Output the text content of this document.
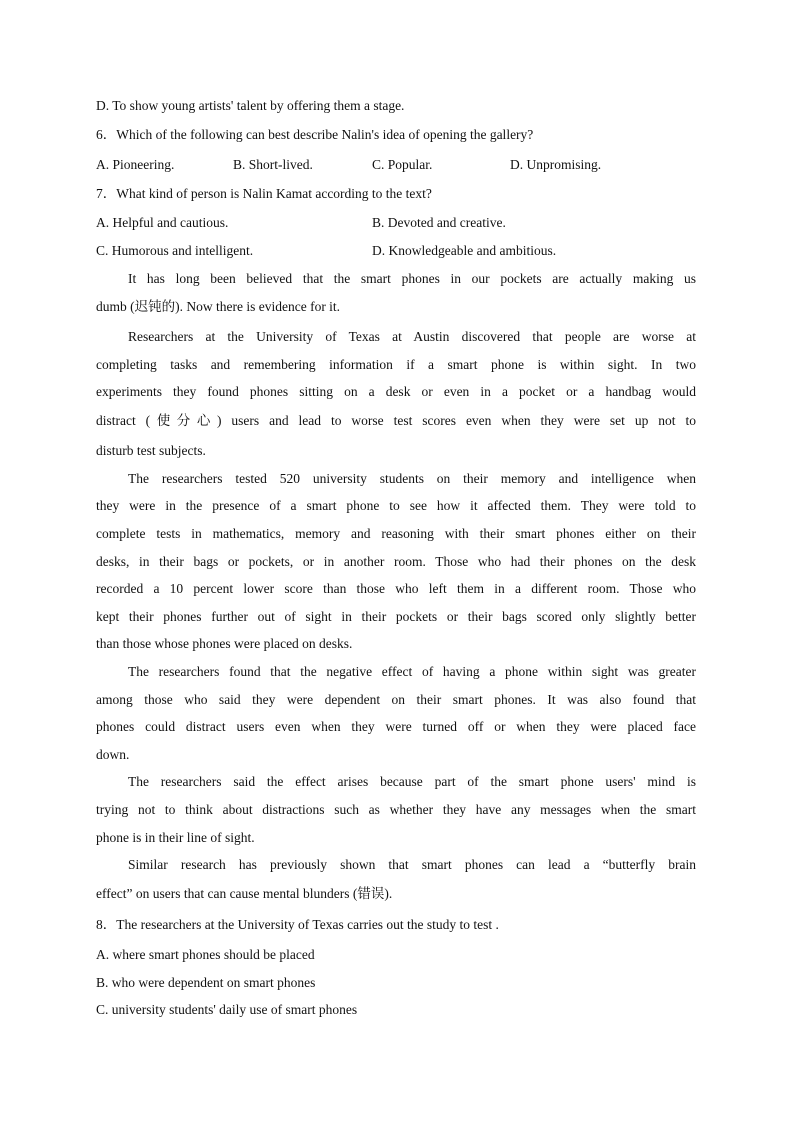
D. To show young artists' talent by offering them a stage.
6．Which of the following can best describe Nalin's idea of opening the gallery?
A. Pioneering.	B. Short-lived.	C. Popular.	D. Unpromising.
7．What kind of person is Nalin Kamat according to the text?
A. Helpful and cautious.	B. Devoted and creative.
C. Humorous and intelligent.	D. Knowledgeable and ambitious.
It has long been believed that the smart phones in our pockets are actually making us
dumb (迟钝的). Now there is evidence for it.
Researchers at the University of Texas at Austin discovered that people are worse at
completing tasks and remembering information if a smart phone is within sight. In two
experiments they found phones sitting on a desk or even in a pocket or a handbag would
distract (使分心) users and lead to worse test scores even when they were set up not to
disturb test subjects.
The researchers tested 520 university students on their memory and intelligence when
they were in the presence of a smart phone to see how it affected them. They were told to
complete tests in mathematics, memory and reasoning with their smart phones either on their
desks, in their bags or pockets, or in another room. Those who had their phones on the desk
recorded a 10 percent lower score than those who left them in a different room. Those who
kept their phones further out of sight in their pockets or their bags scored only slightly better
than those whose phones were placed on desks.
The researchers found that the negative effect of having a phone within sight was greater
among those who said they were dependent on their smart phones. It was also found that
phones could distract users even when they were turned off or when they were placed face
down.
The researchers said the effect arises because part of the smart phone users' mind is
trying not to think about distractions such as whether they have any messages when the smart
phone is in their line of sight.
Similar research has previously shown that smart phones can lead a “butterfly brain
effect” on users that can cause mental blunders (错误).
8．The researchers at the University of Texas carries out the study to test .
A. where smart phones should be placed
B. who were dependent on smart phones
C. university students' daily use of smart phones
